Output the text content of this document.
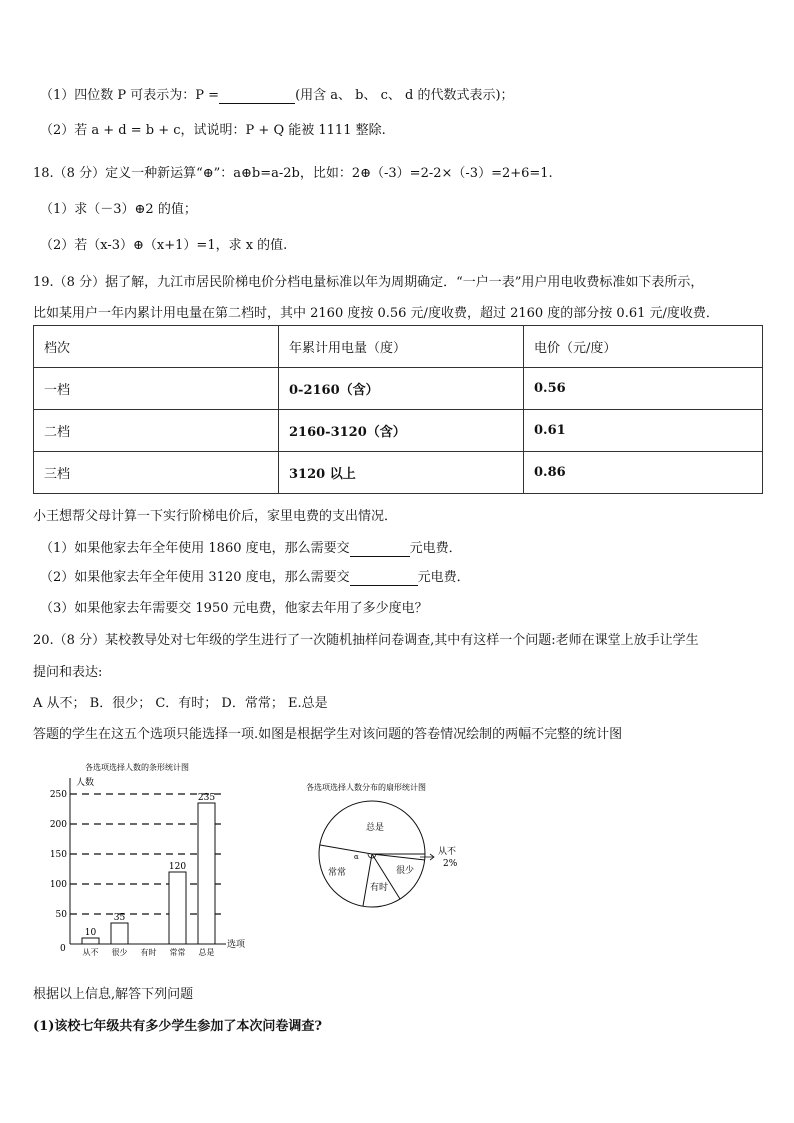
（1）四位数 P 可表示为：P =	(用含 a、 b、 c、 d 的代数式表示)；
（2）若 a + d = b + c，试说明：P + Q 能被 1111 整除.
18.（8 分）定义一种新运算“⊕”：a⊕b=a-2b，比如：2⊕（-3）=2-2×（-3）=2+6=1.
（1）求（－3）⊕2 的值；
（2）若（x-3）⊕（x+1）=1，求 x 的值.
19.（8 分）据了解，九江市居民阶梯电价分档电量标准以年为周期确定．“一户一表”用户用电收费标准如下表所示，
比如某用户一年内累计用电量在第二档时，其中 2160 度按 0.56 元/度收费，超过 2160 度的部分按 0.61 元/度收费．
档次	年累计用电量（度）	电价（元/度）
一档	0-2160（含）	0.56
二档	2160-3120（含）	0.61
三档	3120 以上	0.86
小王想帮父母计算一下实行阶梯电价后，家里电费的支出情况．
（1）如果他家去年全年使用 1860 度电，那么需要交	元电费．
（2）如果他家去年全年使用 3120 度电，那么需要交	元电费．
（3）如果他家去年需要交 1950 元电费，他家去年用了多少度电？
20.（8 分）某校教导处对七年级的学生进行了一次随机抽样问卷调查,其中有这样一个问题:老师在课堂上放手让学生
提问和表达:
A 从不； B．很少； C．有时； D．常常； E.总是
答题的学生在这五个选项只能选择一项.如图是根据学生对该问题的答卷情况绘制的两幅不完整的统计图
各选项选择人数的条形统计图
人数
50
100
150
200
250
0	选项
10
从不
35
很少 有时
120
常常
235
总是
各选项选择人数分布的扇形统计图
总是
常常
有时
很少
α	从不
2%
根据以上信息,解答下列问题
(1)该校七年级共有多少学生参加了本次问卷调查?
